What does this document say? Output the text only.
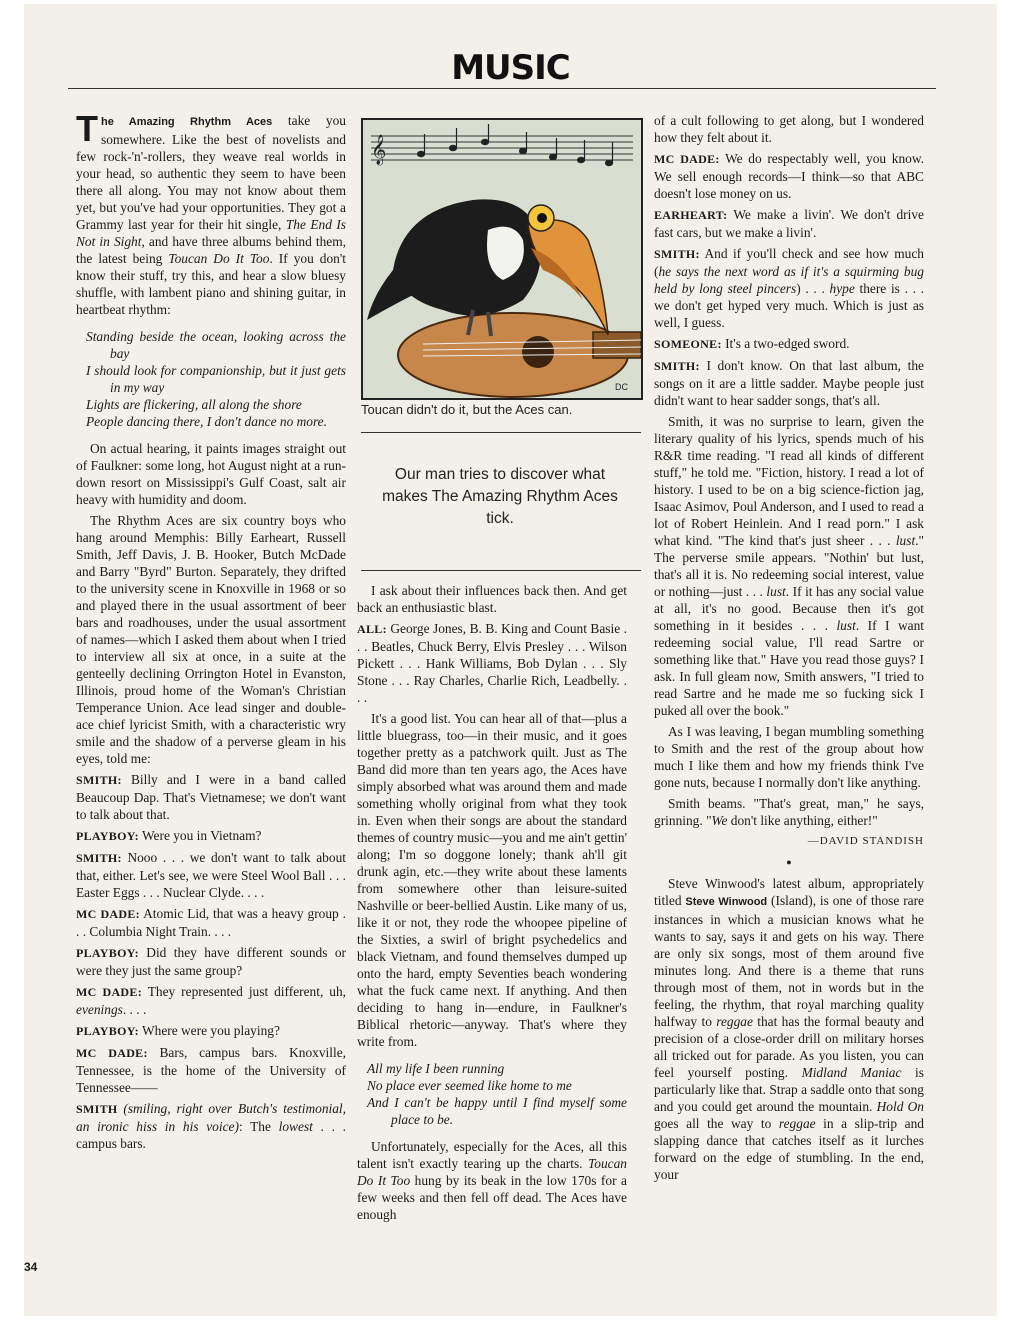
MUSIC

The Amazing Rhythm Aces take you somewhere. Like the best of novelists and few rock-'n'-rollers, they weave real worlds in your head, so authentic they seem to have been there all along. You may not know about them yet, but you've had your opportunities. They got a Grammy last year for their hit single, The End Is Not in Sight, and have three albums behind them, the latest being Toucan Do It Too. If you don't know their stuff, try this, and hear a slow bluesy shuffle, with lambent piano and shining guitar, in heartbeat rhythm:

Standing beside the ocean, looking across the bay
I should look for companionship, but it just gets in my way
Lights are flickering, all along the shore
People dancing there, I don't dance no more.

On actual hearing, it paints images straight out of Faulkner: some long, hot August night at a run-down resort on Mississippi's Gulf Coast, salt air heavy with humidity and doom.

The Rhythm Aces are six country boys who hang around Memphis: Billy Earheart, Russell Smith, Jeff Davis, J. B. Hooker, Butch McDade and Barry "Byrd" Burton. Separately, they drifted to the university scene in Knoxville in 1968 or so and played there in the usual assortment of beer bars and roadhouses, under the usual assortment of names—which I asked them about when I tried to interview all six at once, in a suite at the genteelly declining Orrington Hotel in Evanston, Illinois, proud home of the Woman's Christian Temperance Union. Ace lead singer and double-ace chief lyricist Smith, with a characteristic wry smile and the shadow of a perverse gleam in his eyes, told me:

SMITH: Billy and I were in a band called Beaucoup Dap. That's Vietnamese; we don't want to talk about that.

PLAYBOY: Were you in Vietnam?

SMITH: Nooo . . . we don't want to talk about that, either. Let's see, we were Steel Wool Ball . . . Easter Eggs . . . Nuclear Clyde. . . .

MC DADE: Atomic Lid, that was a heavy group . . . Columbia Night Train. . . .

PLAYBOY: Did they have different sounds or were they just the same group?

MC DADE: They represented just different, uh, evenings. . . .

PLAYBOY: Where were you playing?

MC DADE: Bars, campus bars. Knoxville, Tennessee, is the home of the University of Tennessee——

SMITH (smiling, right over Butch's testimonial, an ironic hiss in his voice): The lowest . . . campus bars.

𝄞
DC
Toucan didn't do it, but the Aces can.
Our man tries to discover what makes The Amazing Rhythm Aces tick.

I ask about their influences back then. And get back an enthusiastic blast.

ALL: George Jones, B. B. King and Count Basie . . . Beatles, Chuck Berry, Elvis Presley . . . Wilson Pickett . . . Hank Williams, Bob Dylan . . . Sly Stone . . . Ray Charles, Charlie Rich, Leadbelly. . . .

It's a good list. You can hear all of that—plus a little bluegrass, too—in their music, and it goes together pretty as a patchwork quilt. Just as The Band did more than ten years ago, the Aces have simply absorbed what was around them and made something wholly original from what they took in. Even when their songs are about the standard themes of country music—you and me ain't gettin' along; I'm so doggone lonely; thank ah'll git drunk agin, etc.—they write about these laments from somewhere other than leisure-suited Nashville or beer-bellied Austin. Like many of us, like it or not, they rode the whoopee pipeline of the Sixties, a swirl of bright psychedelics and black Vietnam, and found themselves dumped up onto the hard, empty Seventies beach wondering what the fuck came next. If anything. And then deciding to hang in—endure, in Faulkner's Biblical rhetoric—anyway. That's where they write from.

All my life I been running
No place ever seemed like home to me
And I can't be happy until I find myself some place to be.

Unfortunately, especially for the Aces, all this talent isn't exactly tearing up the charts. Toucan Do It Too hung by its beak in the low 170s for a few weeks and then fell off dead. The Aces have enough

of a cult following to get along, but I wondered how they felt about it.

MC DADE: We do respectably well, you know. We sell enough records—I think—so that ABC doesn't lose money on us.

EARHEART: We make a livin'. We don't drive fast cars, but we make a livin'.

SMITH: And if you'll check and see how much (he says the next word as if it's a squirming bug held by long steel pincers) . . . hype there is . . . we don't get hyped very much. Which is just as well, I guess.

SOMEONE: It's a two-edged sword.

SMITH: I don't know. On that last album, the songs on it are a little sadder. Maybe people just didn't want to hear sadder songs, that's all.

Smith, it was no surprise to learn, given the literary quality of his lyrics, spends much of his R&R time reading. "I read all kinds of different stuff," he told me. "Fiction, history. I read a lot of history. I used to be on a big science-fiction jag, Isaac Asimov, Poul Anderson, and I used to read a lot of Robert Heinlein. And I read porn." I ask what kind. "The kind that's just sheer . . . lust." The perverse smile appears. "Nothin' but lust, that's all it is. No redeeming social interest, value or nothing—just . . . lust. If it has any social value at all, it's no good. Because then it's got something in it besides . . . lust. If I want redeeming social value, I'll read Sartre or something like that." Have you read those guys? I ask. In full gleam now, Smith answers, "I tried to read Sartre and he made me so fucking sick I puked all over the book."

As I was leaving, I began mumbling something to Smith and the rest of the group about how much I like them and how my friends think I've gone nuts, because I normally don't like anything.

Smith beams. "That's great, man," he says, grinning. "We don't like anything, either!"

—DAVID STANDISH

●

Steve Winwood's latest album, appropriately titled Steve Winwood (Island), is one of those rare instances in which a musician knows what he wants to say, says it and gets on his way. There are only six songs, most of them around five minutes long. And there is a theme that runs through most of them, not in words but in the feeling, the rhythm, that royal marching quality halfway to reggae that has the formal beauty and precision of a close-order drill on military horses all tricked out for parade. As you listen, you can feel yourself posting. Midland Maniac is particularly like that. Strap a saddle onto that song and you could get around the mountain. Hold On goes all the way to reggae in a slip-trip and slapping dance that catches itself as it lurches forward on the edge of stumbling. In the end, your

34
